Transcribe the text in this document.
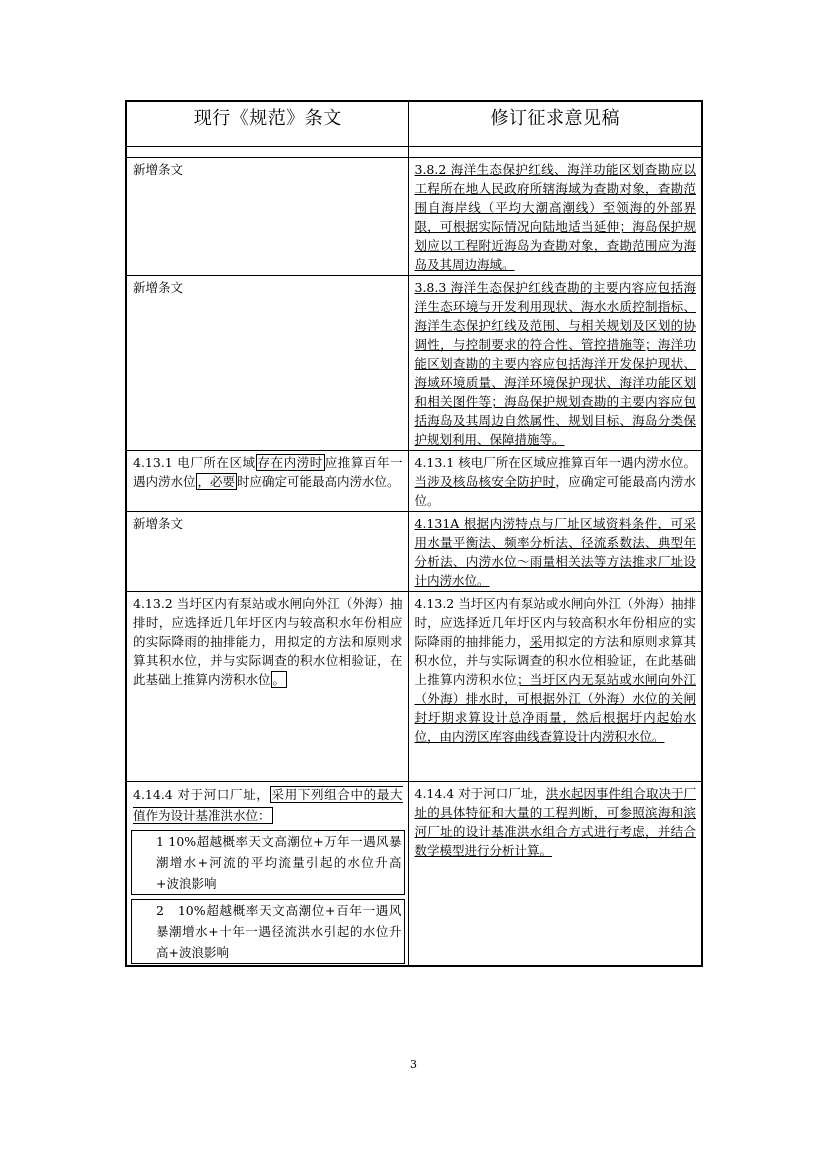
现行《规范》条文	修订征求意见稿

新增条文	3.8.2 海洋生态保护红线、海洋功能区划查勘应以工程所在地人民政府所辖海域为查勘对象，查勘范围自海岸线（平均大潮高潮线）至领海的外部界限，可根据实际情况向陆地适当延伸；海岛保护规划应以工程附近海岛为查勘对象，查勘范围应为海岛及其周边海域。
新增条文	3.8.3 海洋生态保护红线查勘的主要内容应包括海洋生态环境与开发利用现状、海水水质控制指标、海洋生态保护红线及范围、与相关规划及区划的协调性，与控制要求的符合性、管控措施等；海洋功能区划查勘的主要内容应包括海洋开发保护现状、海域环境质量、海洋环境保护现状、海洋功能区划和相关图件等；海岛保护规划查勘的主要内容应包括海岛及其周边自然属性、规划目标、海岛分类保护规划利用、保障措施等。
4.13.1 电厂所在区域 存在内涝时 应推算百年一遇内涝水位 ，必要 时应确定可能最高内涝水位。	4.13.1 核电厂所在区域应推算百年一遇内涝水位。当涉及核岛核安全防护时，应确定可能最高内涝水位。
新增条文	4.131A 根据内涝特点与厂址区域资料条件，可采用水量平衡法、频率分析法、径流系数法、典型年分析法、内涝水位～雨量相关法等方法推求厂址设计内涝水位。
4.13.2 当圩区内有泵站或水闸向外江（外海）抽排时，应选择近几年圩区内与较高积水年份相应的实际降雨的抽排能力，用拟定的方法和原则求算其积水位，并与实际调查的积水位相验证，在此基础上推算内涝积水位 。	4.13.2 当圩区内有泵站或水闸向外江（外海）抽排时，应选择近几年圩区内与较高积水年份相应的实际降雨的抽排能力，采用拟定的方法和原则求算其积水位，并与实际调查的积水位相验证，在此基础上推算内涝积水位；当圩区内无泵站或水闸向外江（外海）排水时，可根据外江（外海）水位的关闸封圩期求算设计总净雨量，然后根据圩内起始水位，由内涝区库容曲线查算设计内涝积水位。
4.14.4 对于河口厂址， 采用下列组合中的最大值作为设计基准洪水位：
1 10%超越概率天文高潮位+万年一遇风暴潮增水+河流的平均流量引起的水位升高+波浪影响
2　10%超越概率天文高潮位+百年一遇风暴潮增水+十年一遇径流洪水引起的水位升高+波浪影响	4.14.4 对于河口厂址，洪水起因事件组合取决于厂址的具体特征和大量的工程判断，可参照滨海和滨河厂址的设计基准洪水组合方式进行考虑，并结合数学模型进行分析计算。
3
